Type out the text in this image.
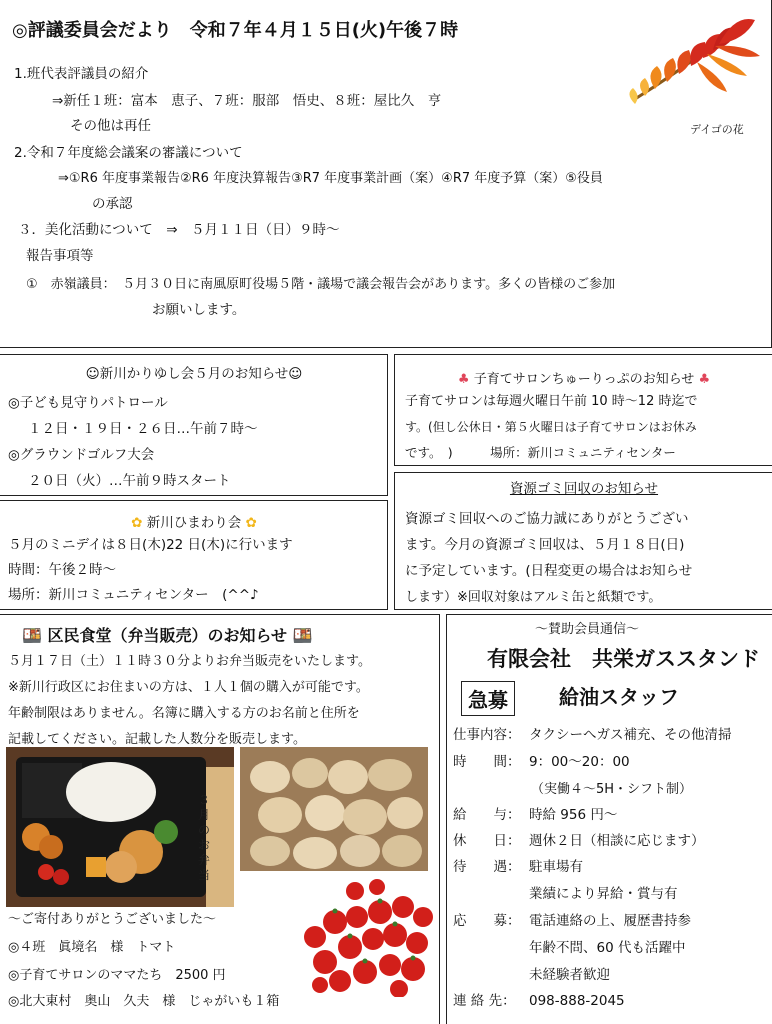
◎評議委員会だより　令和７年４月１５日(火)午後７時
デイゴの花
1.班代表評議員の紹介
⇒新任１班：富本　恵子、７班：服部　悟史、８班：屋比久　亨
その他は再任
2.令和７年度総会議案の審議について
⇒①R6 年度事業報告②R6 年度決算報告③R7 年度事業計画（案）④R7 年度予算（案）⑤役員
の承認
３．美化活動について　⇒　５月１１日（日）９時～
報告事項等
①　赤嶺議員：　５月３０日に南風原町役場５階・議場で議会報告会があります。多くの皆様のご参加
お願いします。
☺新川かりゆし会５月のお知らせ☺
◎子ども見守りパトロール
１２日・１９日・２６日…午前７時～
◎グラウンドゴルフ大会
２０日（火）…午前９時スタート
✿ 新川ひまわり会 ✿
５月のミニデイは８日(木)22 日(木)に行います
時間：午後２時～
場所：新川コミュニティセンター　(^^♪
♣ 子育てサロンちゅーりっぷのお知らせ ♣
子育てサロンは毎週火曜日午前 10 時～12 時迄で
す。(但し公休日・第５火曜日は子育てサロンはお休み
です。　)　　　場所：新川コミュニティセンター
資源ゴミ回収のお知らせ
資源ゴミ回収へのご協力誠にありがとうござい
ます。今月の資源ゴミ回収は、５月１８日(日)
に予定しています。(日程変更の場合はお知らせ
します）※回収対象はアルミ缶と紙類です。
🍱 区民食堂（弁当販売）のお知らせ 🍱
５月１７日（土）１１時３０分よりお弁当販売をいたします。
※新川行政区にお住まいの方は、１人１個の購入が可能です。
年齢制限はありません。名簿に購入する方のお名前と住所を
記載してください。記載した人数分を販売します。
３月のお弁当
～ご寄付ありがとうございました～
◎４班　眞境名　様　トマト
◎子育てサロンのママたち　2500 円
◎北大東村　奥山　久夫　様　じゃがいも１箱
～賛助会員通信～
有限会社　共栄ガススタンド
急募	給油スタッフ
仕事内容： タクシーへガス補充、その他清掃
時　　間： 9：00～20：00
（実働４～5H・シフト制）
給　　与： 時給 956 円～
休　　日： 週休２日（相談に応じます）
待　　遇： 駐車場有
業績により昇給・賞与有
応　　募： 電話連絡の上、履歴書持参
年齢不問、60 代も活躍中
未経験者歓迎
連 絡 先： 098-888-2045
